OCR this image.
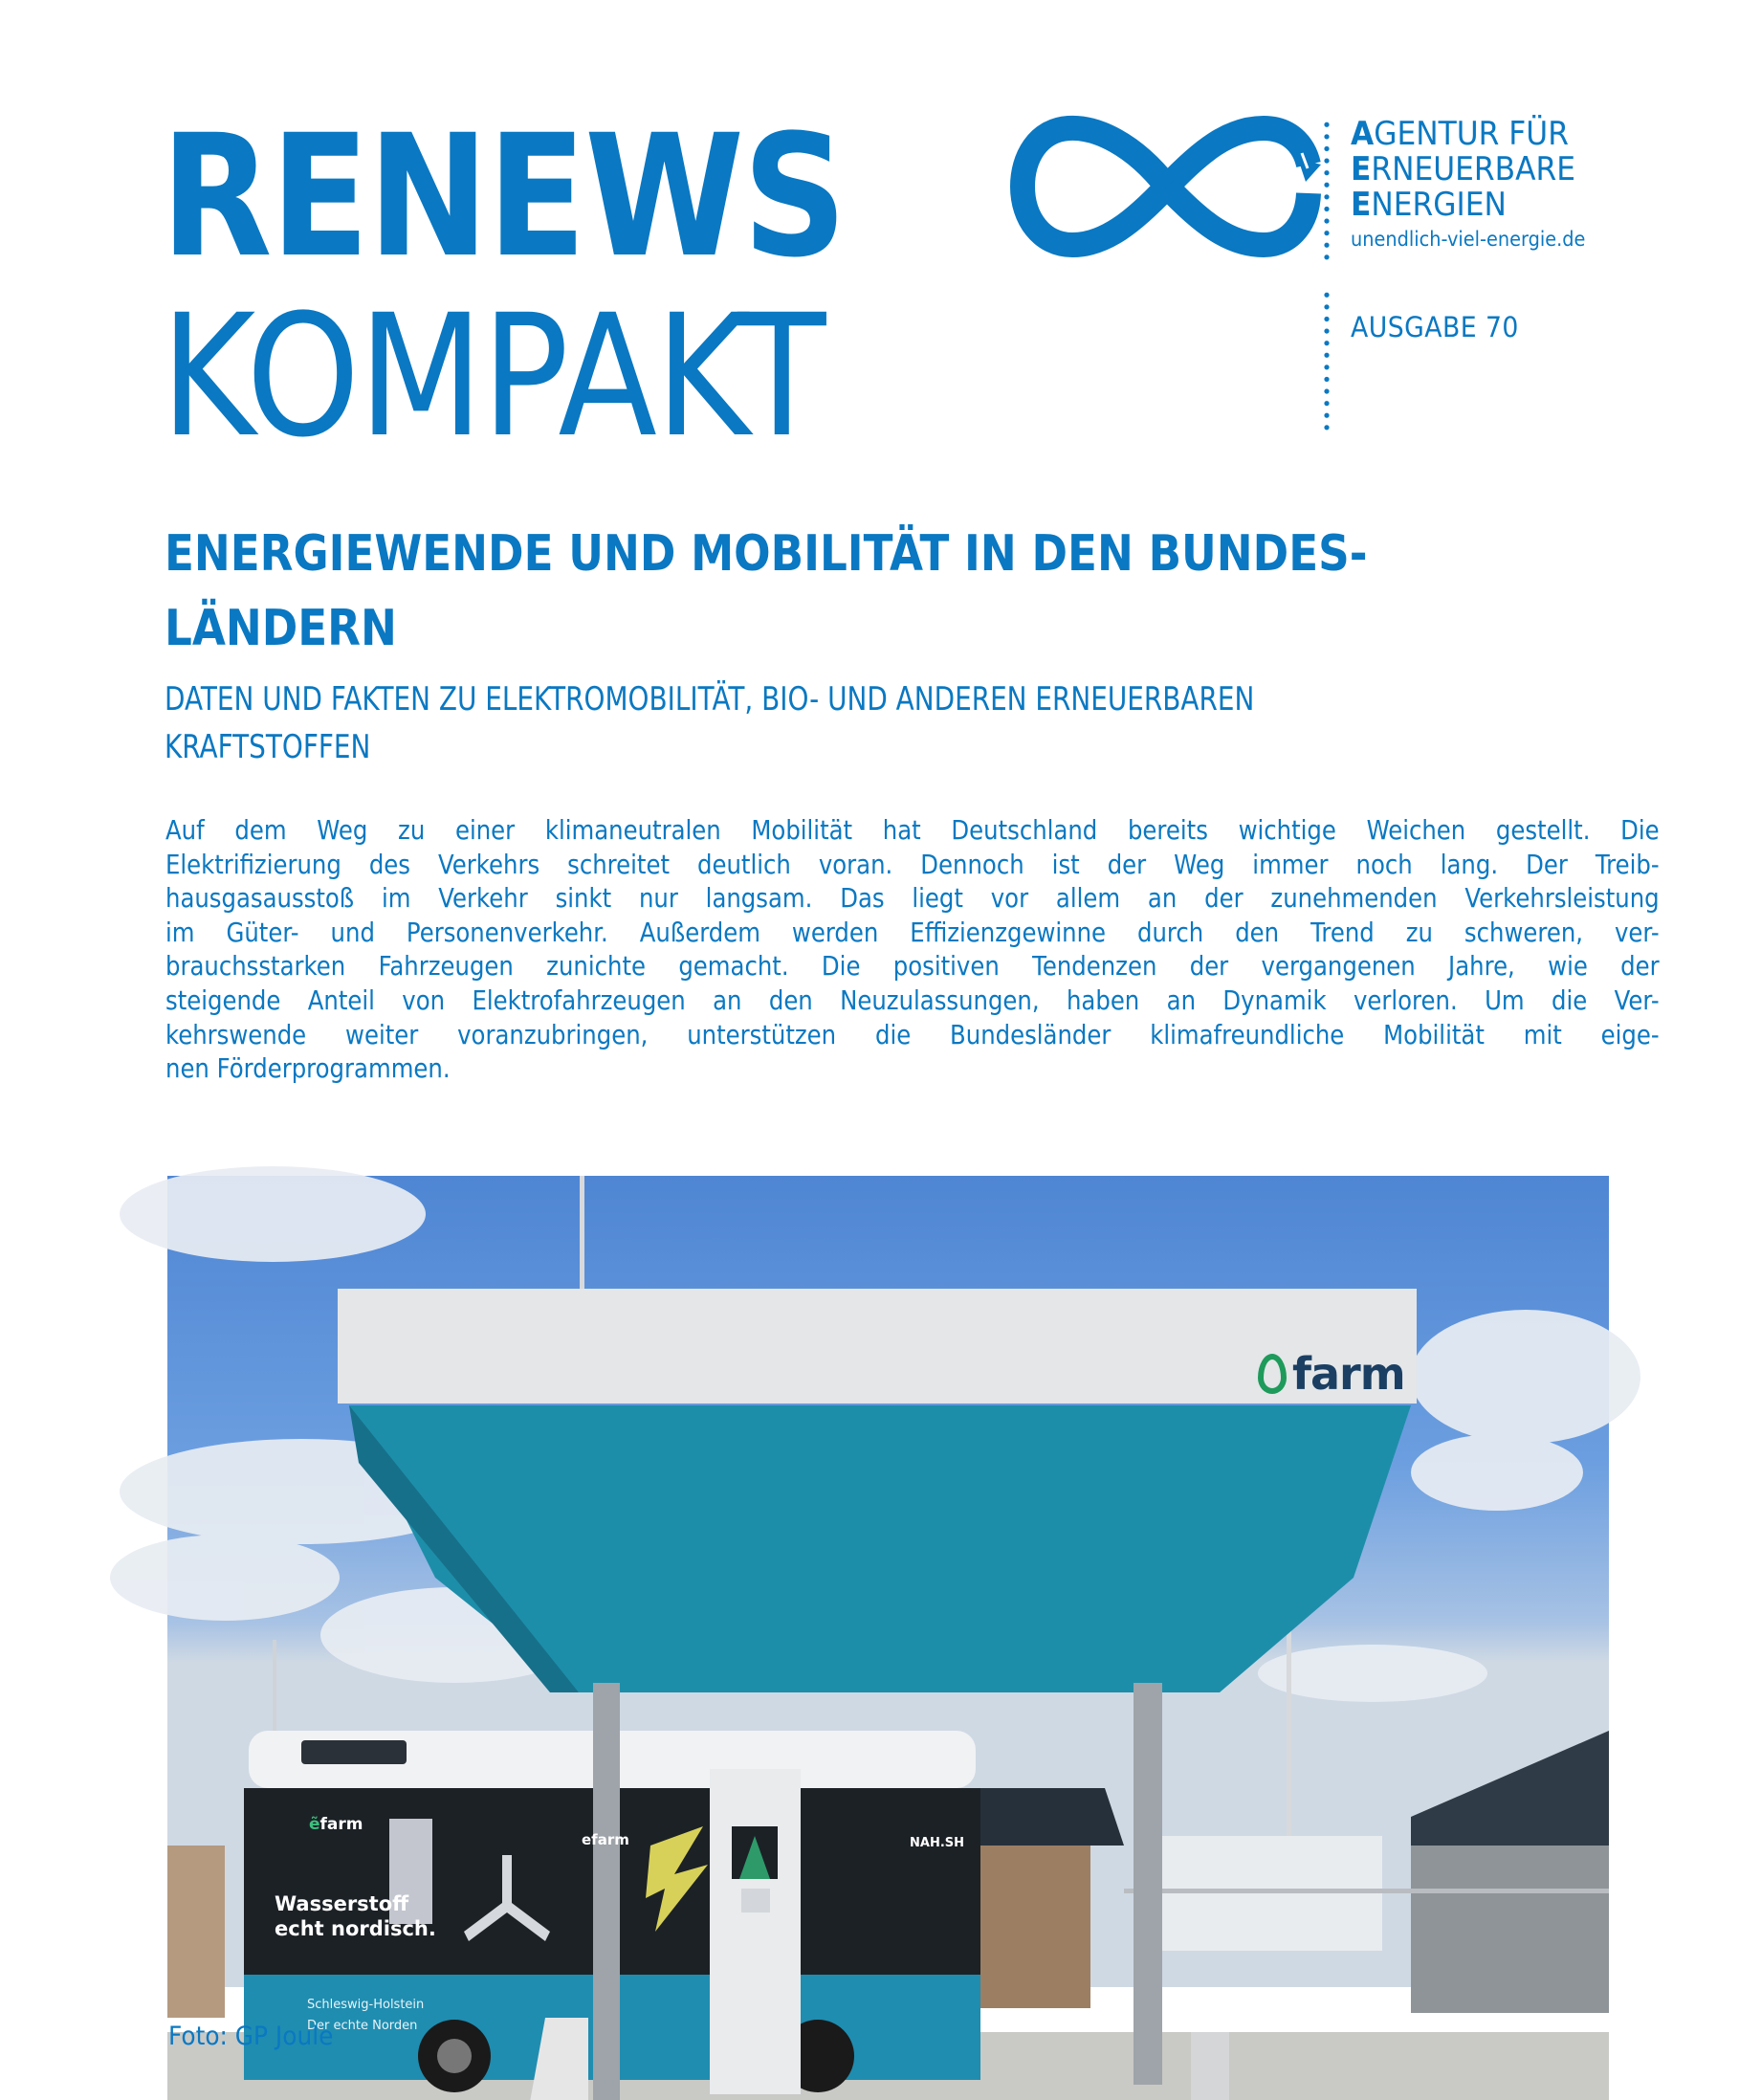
RENEWS
KOMPAKT
AGENTUR FÜR
ERNEUERBARE
ENERGIEN
unendlich-viel-energie.de
AUSGABE 70
ENERGIEWENDE UND MOBILITÄT IN DEN BUNDES-
LÄNDERN
DATEN UND FAKTEN ZU ELEKTROMOBILITÄT, BIO- UND ANDEREN ERNEUERBAREN
KRAFTSTOFFEN

Auf dem Weg zu einer klimaneutralen Mobilität hat Deutschland bereits wichtige Weichen gestellt. Die
Elektrifizierung des Verkehrs schreitet deutlich voran. Dennoch ist der Weg immer noch lang. Der Treib-
hausgasausstoß im Verkehr sinkt nur langsam. Das liegt vor allem an der zunehmenden Verkehrsleistung
im Güter- und Personenverkehr. Außerdem werden Effizienzgewinne durch den Trend zu schweren, ver-
brauchsstarken Fahrzeugen zunichte gemacht. Die positiven Tendenzen der vergangenen Jahre, wie der
steigende Anteil von Elektrofahrzeugen an den Neuzulassungen, haben an Dynamik verloren. Um die Ver-
kehrswende weiter voranzubringen, unterstützen die Bundesländer klimafreundliche Mobilität mit eige-
nen Förderprogrammen.

farm
ẽfarm
efarm
Wasserstoff
echt nordisch.
Schleswig-Holstein
Der echte Norden
NAH.SH
Foto: GP Joule
